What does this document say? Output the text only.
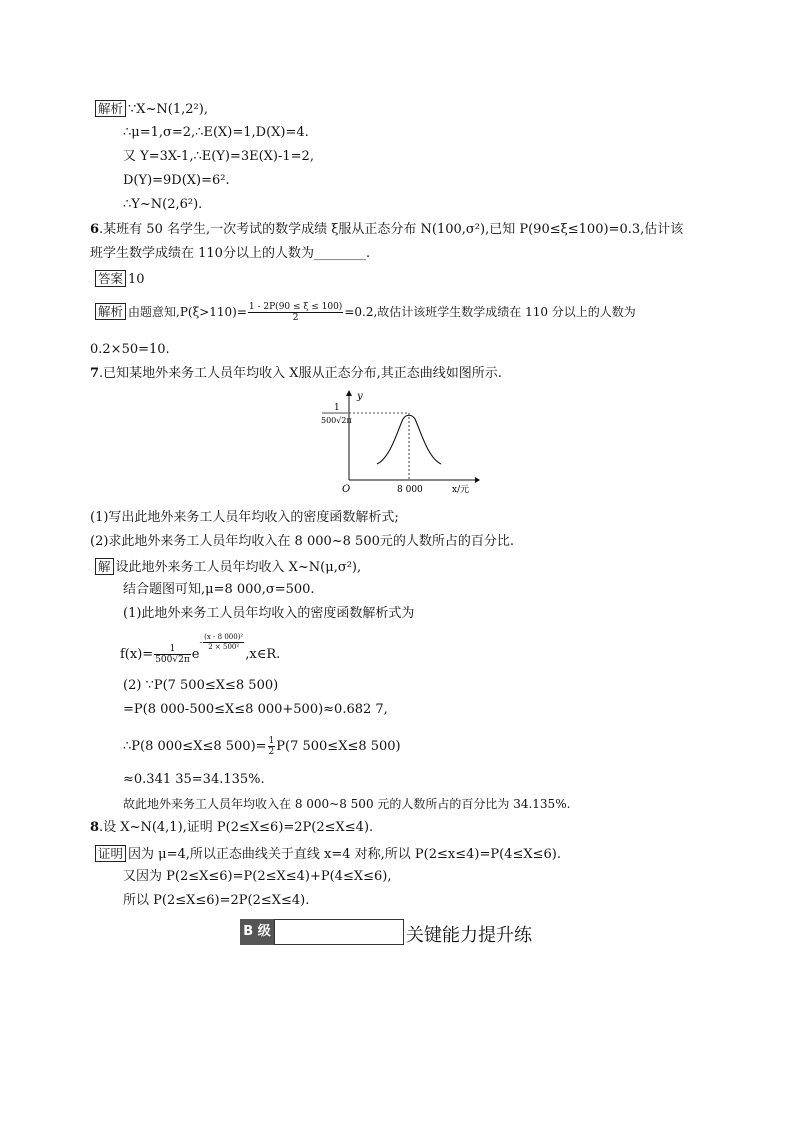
解析 ∵X~N(1,2²),
∴μ=1,σ=2,∴E(X)=1,D(X)=4.
又 Y=3X-1,∴E(Y)=3E(X)-1=2,
D(Y)=9D(X)=6².
∴Y~N(2,6²).
6.某班有 50 名学生,一次考试的数学成绩 ξ服从正态分布 N(100,σ²),已知 P(90≤ξ≤100)=0.3,估计该
班学生数学成绩在 110分以上的人数为________.
答案 10
解析 由题意知$,P(\xi>110)= \frac{1 - 2P(90 \le \xi \le 100)}{2} =0.2$,故估计该班学生数学成绩在 110 分以上的人数为
0.2×50=10.
7.已知某地外来务工人员年均收入 X服从正态分布,其正态曲线如图所示.
y
1
500√2π
O	8 000	x/元
(1)写出此地外来务工人员年均收入的密度函数解析式;
(2)求此地外来务工人员年均收入在 8 000~8 500元的人数所占的百分比.
解 设此地外来务工人员年均收入 X~N(μ,σ²),
结合题图可知,μ=8 000,σ=500.
(1)此地外来务工人员年均收入的密度函数解析式为
$f(x)= \frac{1}{500√2\pi} e- \frac{\text{(x - 8 000)²}}{\text{2 × 500²}}$
,x∈R.
(2) ∵P(7 500≤X≤8 500)
=P(8 000-500≤X≤8 000+500)≈0.682 7,
∴P(8 000≤X≤8 $500)= \frac{1}{2} P(7$ 500≤X≤8 500)
≈0.341 35=34.135%.
故此地外来务工人员年均收入在 8 000~8 500 元的人数所占的百分比为 34.135%.
8.设 X~N(4,1),证明 P(2≤X≤6)=2P(2≤X≤4).
证明 因为 μ=4,所以正态曲线关于直线 x=4 对称,所以 P(2≤x≤4)=P(4≤X≤6).
又因为 P(2≤X≤6)=P(2≤X≤4)+P(4≤X≤6),
所以 P(2≤X≤6)=2P(2≤X≤4).
B 级	关键能力提升练
